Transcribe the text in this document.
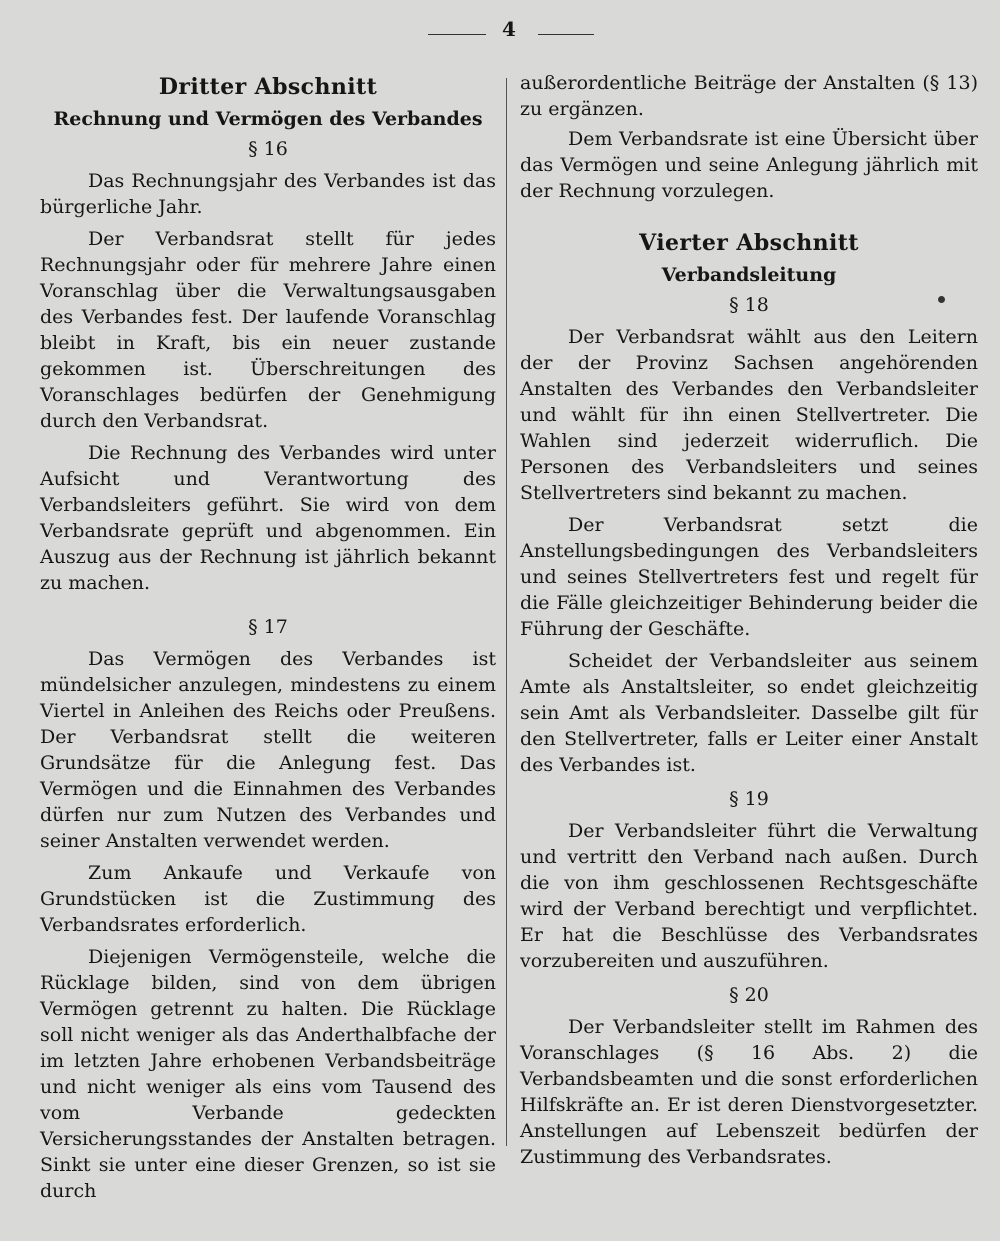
4
Dritter Abschnitt
Rechnung und Vermögen des Verbandes
§ 16

Das Rechnungsjahr des Verbandes ist das bürgerliche Jahr.

Der Verbandsrat stellt für jedes Rechnungsjahr oder für mehrere Jahre einen Voranschlag über die Verwaltungsausgaben des Verbandes fest. Der laufende Voranschlag bleibt in Kraft, bis ein neuer zustande gekommen ist. Überschreitungen des Voranschlages bedürfen der Genehmigung durch den Verbandsrat.

Die Rechnung des Verbandes wird unter Aufsicht und Verantwortung des Verbandsleiters geführt. Sie wird von dem Verbandsrate geprüft und abgenommen. Ein Auszug aus der Rechnung ist jährlich bekannt zu machen.

§ 17

Das Vermögen des Verbandes ist mündelsicher anzulegen, mindestens zu einem Viertel in Anleihen des Reichs oder Preußens. Der Verbandsrat stellt die weiteren Grundsätze für die Anlegung fest. Das Vermögen und die Einnahmen des Verbandes dürfen nur zum Nutzen des Verbandes und seiner Anstalten verwendet werden.

Zum Ankaufe und Verkaufe von Grundstücken ist die Zustimmung des Verbandsrates erforderlich.

Diejenigen Vermögensteile, welche die Rücklage bilden, sind von dem übrigen Vermögen getrennt zu halten. Die Rücklage soll nicht weniger als das Anderthalbfache der im letzten Jahre erhobenen Verbandsbeiträge und nicht weniger als eins vom Tausend des vom Verbande gedeckten Versicherungsstandes der Anstalten betragen. Sinkt sie unter eine dieser Grenzen, so ist sie durch

außerordentliche Beiträge der Anstalten (§ 13) zu ergänzen.

Dem Verbandsrate ist eine Übersicht über das Vermögen und seine Anlegung jährlich mit der Rechnung vorzulegen.

Vierter Abschnitt
Verbandsleitung
§ 18

Der Verbandsrat wählt aus den Leitern der der Provinz Sachsen angehörenden Anstalten des Verbandes den Verbandsleiter und wählt für ihn einen Stellvertreter. Die Wahlen sind jederzeit widerruflich. Die Personen des Verbandsleiters und seines Stellvertreters sind bekannt zu machen.

Der Verbandsrat setzt die Anstellungsbedingungen des Verbandsleiters und seines Stellvertreters fest und regelt für die Fälle gleichzeitiger Behinderung beider die Führung der Geschäfte.

Scheidet der Verbandsleiter aus seinem Amte als Anstaltsleiter, so endet gleichzeitig sein Amt als Verbandsleiter. Dasselbe gilt für den Stellvertreter, falls er Leiter einer Anstalt des Verbandes ist.

§ 19

Der Verbandsleiter führt die Verwaltung und vertritt den Verband nach außen. Durch die von ihm geschlossenen Rechtsgeschäfte wird der Verband berechtigt und verpflichtet. Er hat die Beschlüsse des Verbandsrates vorzubereiten und auszuführen.

§ 20

Der Verbandsleiter stellt im Rahmen des Voranschlages (§ 16 Abs. 2) die Verbandsbeamten und die sonst erforderlichen Hilfskräfte an. Er ist deren Dienstvorgesetzter. Anstellungen auf Lebenszeit bedürfen der Zustimmung des Verbandsrates.
